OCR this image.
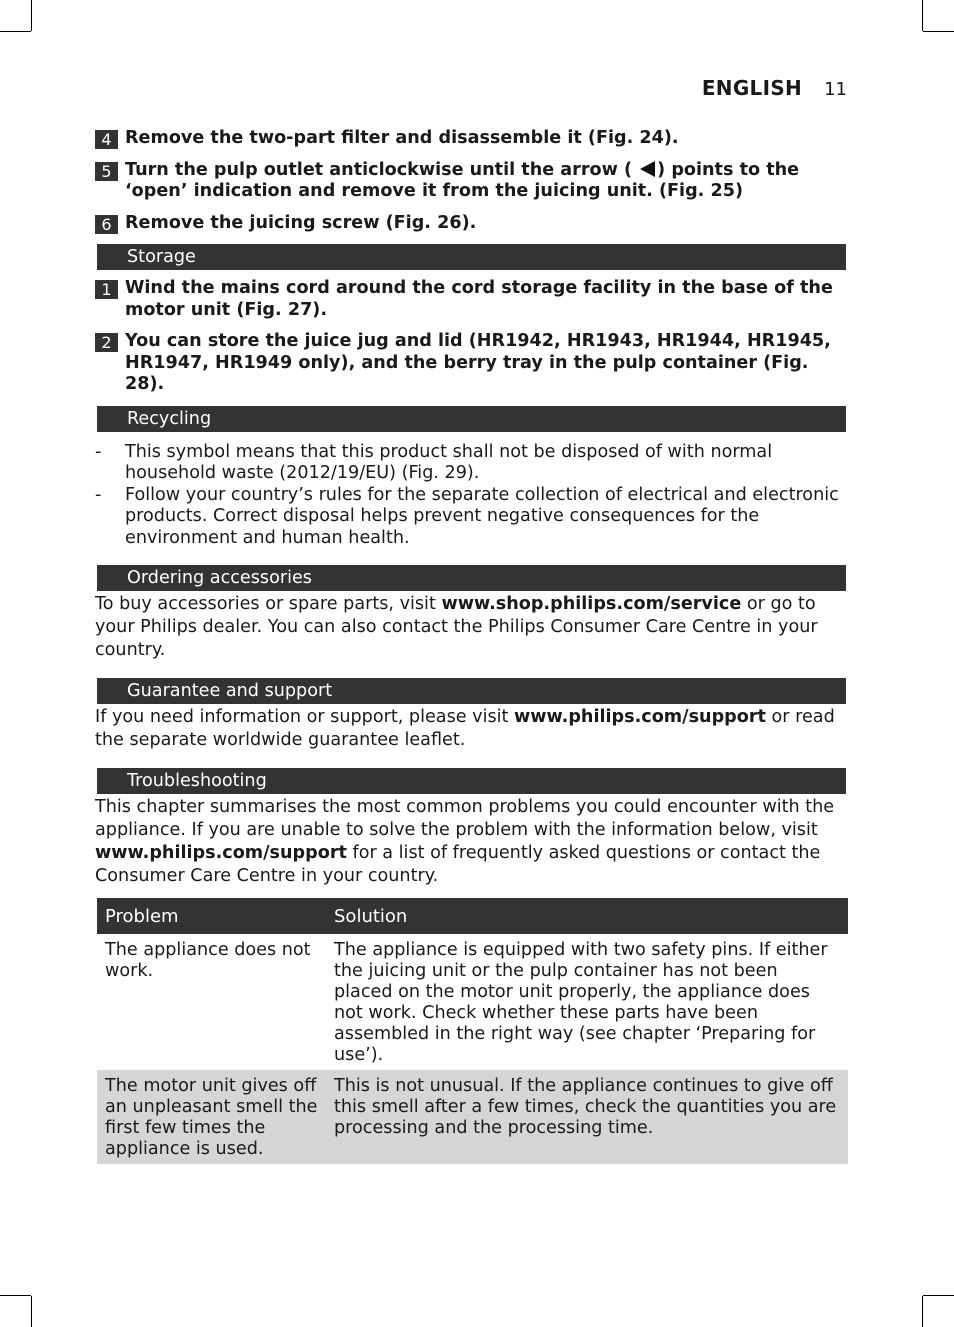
ENGLISH 11
4 Remove the two-part filter and disassemble it (Fig. 24).
5 Turn the pulp outlet anticlockwise until the arrow ( ) points to the ‘open’ indication and remove it from the juicing unit. (Fig. 25)
6 Remove the juicing screw (Fig. 26).
Storage
1 Wind the mains cord around the cord storage facility in the base of the motor unit (Fig. 27).
2 You can store the juice jug and lid (HR1942, HR1943, HR1944, HR1945, HR1947, HR1949 only), and the berry tray in the pulp container (Fig. 28).
Recycling
-	This symbol means that this product shall not be disposed of with normal household waste (2012/19/EU) (Fig. 29).
-	Follow your country’s rules for the separate collection of electrical and electronic products. Correct disposal helps prevent negative consequences for the environment and human health.
Ordering accessories
To buy accessories or spare parts, visit www.shop.philips.com/service or go to your Philips dealer. You can also contact the Philips Consumer Care Centre in your country.
Guarantee and support
If you need information or support, please visit www.philips.com/support or read the separate worldwide guarantee leaflet.
Troubleshooting
This chapter summarises the most common problems you could encounter with the appliance. If you are unable to solve the problem with the information below, visit www.philips.com/support for a list of frequently asked questions or contact the Consumer Care Centre in your country.
Problem	Solution
The appliance does not work.	The appliance is equipped with two safety pins. If either the juicing unit or the pulp container has not been placed on the motor unit properly, the appliance does not work. Check whether these parts have been assembled in the right way (see chapter ‘Preparing for use’).
The motor unit gives off an unpleasant smell the first few times the appliance is used.	This is not unusual. If the appliance continues to give off this smell after a few times, check the quantities you are processing and the processing time.
